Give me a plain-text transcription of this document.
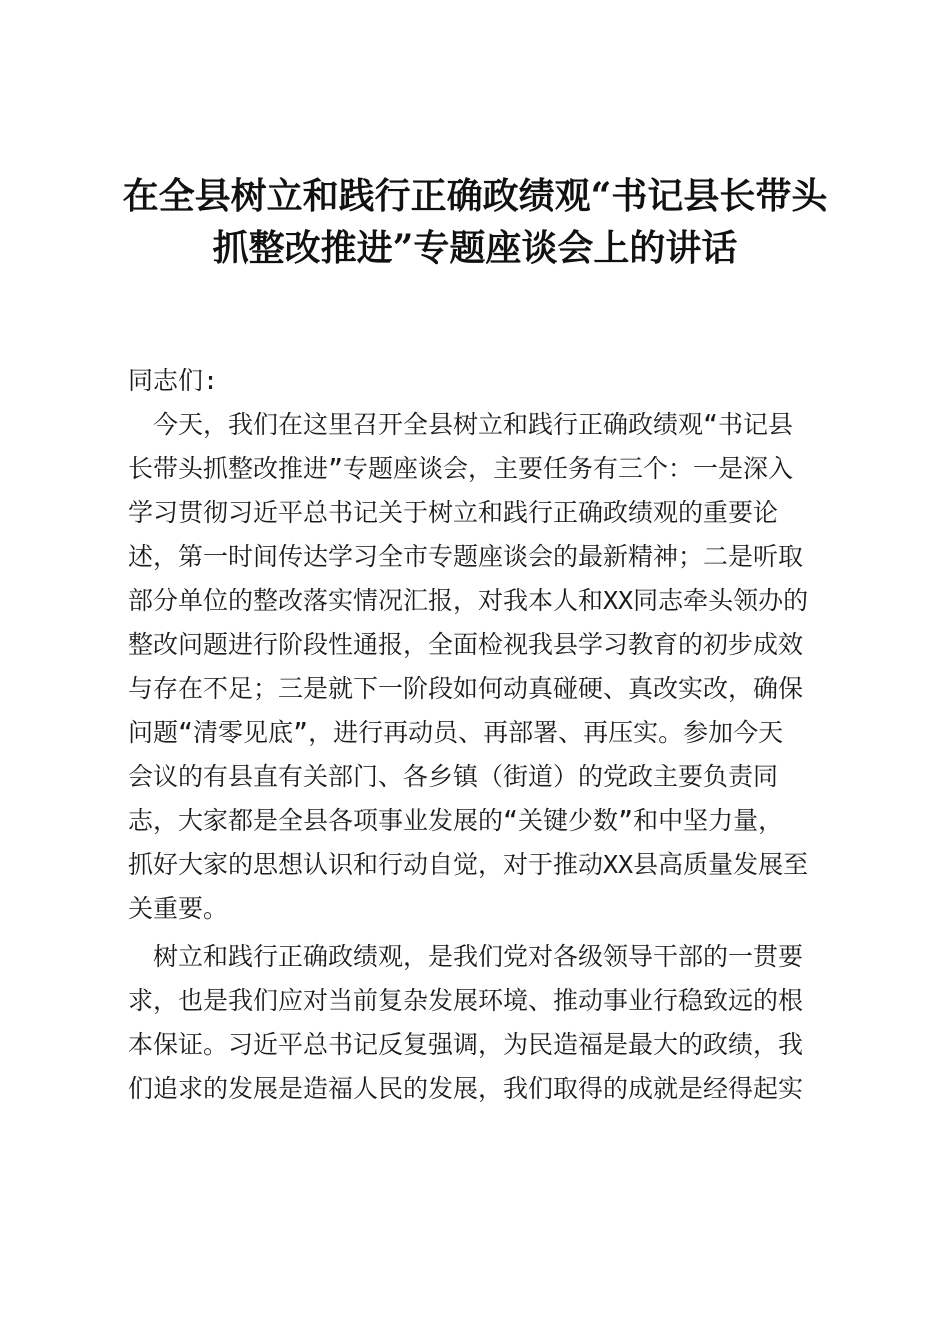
在全县树立和践行正确政绩观“书记县长带头
抓整改推进”专题座谈会上的讲话
同志们:
　今天，我们在这里召开全县树立和践行正确政绩观“书记县
长带头抓整改推进”专题座谈会，主要任务有三个：一是深入
学习贯彻习近平总书记关于树立和践行正确政绩观的重要论
述，第一时间传达学习全市专题座谈会的最新精神；二是听取
部分单位的整改落实情况汇报，对我本人和XX同志牵头领办的
整改问题进行阶段性通报，全面检视我县学习教育的初步成效
与存在不足；三是就下一阶段如何动真碰硬、真改实改，确保
问题“清零见底”，进行再动员、再部署、再压实。参加今天
会议的有县直有关部门、各乡镇（街道）的党政主要负责同
志，大家都是全县各项事业发展的“关键少数”和中坚力量，
抓好大家的思想认识和行动自觉，对于推动XX县高质量发展至
关重要。
　树立和践行正确政绩观，是我们党对各级领导干部的一贯要
求，也是我们应对当前复杂发展环境、推动事业行稳致远的根
本保证。习近平总书记反复强调，为民造福是最大的政绩，我
们追求的发展是造福人民的发展，我们取得的成就是经得起实
